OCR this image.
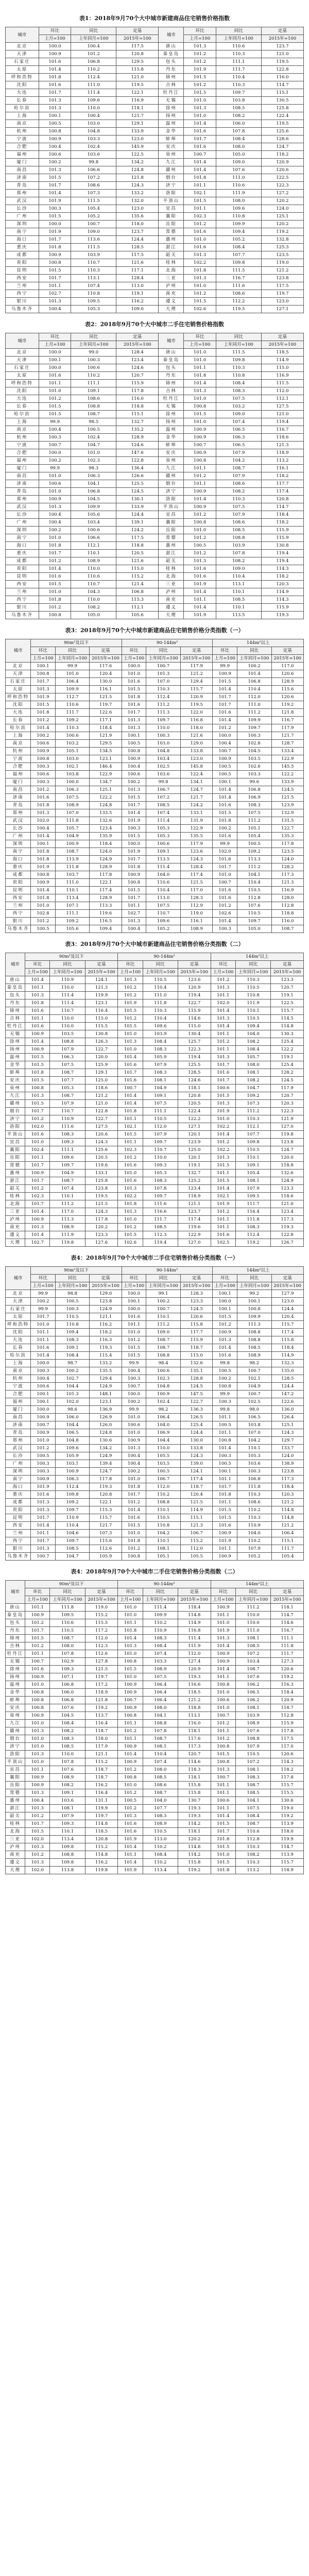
表1：2018年9月70个大中城市新建商品住宅销售价格指数
城市	环比	同比	定基	城市	环比	同比	定基
	上月=100	上年同月=100	2015年=100		上月=100	上年同月=100	2015年=100
北京	100.0	100.4	117.5	唐山	101.3	110.6	123.7
天津	100.9	101.2	120.8	秦皇岛	101.2	110.3	121.0
石家庄	101.6	106.8	129.5	包头	101.2	111.1	119.5
太原	101.4	110.2	115.8	丹东	101.9	111.7	122.8
呼和浩特	101.8	112.4	121.0	锦州	101.5	110.4	116.0
沈阳	101.6	111.0	119.5	吉林	101.2	110.3	114.7
大连	101.7	111.4	122.1	牡丹江	101.5	109.7	115.1
长春	101.3	109.6	116.9	无锡	101.0	103.8	130.5
哈尔滨	101.3	110.0	118.1	徐州	101.3	108.5	125.8
上海	100.1	100.4	121.7	扬州	101.0	108.2	122.4
南京	100.5	103.0	129.1	温州	101.4	106.0	119.5
杭州	100.8	104.8	133.9	金华	101.6	107.8	125.6
宁波	100.9	103.3	123.0	蚌埠	101.7	108.4	128.6
合肥	100.4	102.4	145.9	安庆	101.6	108.0	124.7
福州	100.6	103.6	122.5	泉州	100.7	105.0	118.2
厦门	100.2	99.8	134.2	九江	101.4	109.0	120.9
南昌	101.3	106.6	124.8	赣州	101.4	107.6	120.6
济南	101.5	107.2	121.8	烟台	101.8	111.0	122.5
青岛	101.7	108.6	124.3	济宁	101.1	110.6	122.3
郑州	101.4	107.3	133.2	洛阳	102.1	111.9	127.2
武汉	101.9	111.5	132.0	平顶山	101.5	108.0	120.2
长沙	100.3	105.4	123.0	宜昌	101.1	109.6	124.0
广州	101.5	105.2	135.6	襄阳	102.3	110.8	125.1
深圳	100.0	100.7	118.0	岳阳	101.2	109.9	120.2
南宁	101.9	109.0	123.7	常德	101.6	109.4	119.2
海口	101.7	113.6	124.4	惠州	101.0	105.2	132.8
重庆	101.8	111.5	128.5	湛江	101.6	108.4	125.3
成都	100.9	103.9	117.5	韶关	101.3	107.7	123.5
贵阳	100.8	110.7	121.6	桂林	102.2	109.8	119.0
昆明	101.5	110.3	117.1	北海	101.8	111.5	121.2
西安	101.7	113.1	128.4	三亚	101.3	116.7	123.8
兰州	101.1	107.4	113.0	泸州	101.0	111.6	117.5
西宁	102.7	110.8	119.1	南充	101.2	108.6	119.7
银川	101.3	109.5	116.2	遵义	101.5	112.2	123.0
乌鲁木齐	100.4	105.3	109.0	大理	102.6	119.5	127.1
表2：2018年9月70个大中城市二手住宅销售价格指数
城市	环比	同比	定基	城市	环比	同比	定基
	上月=100	上年同月=100	2015年=100		上月=100	上年同月=100	2015年=100
北京	100.0	99.0	128.4	唐山	101.0	111.5	118.5
天津	100.1	100.3	123.4	秦皇岛	101.0	109.8	114.9
石家庄	100.0	100.6	124.6	包头	101.1	110.3	115.0
太原	101.6	110.2	120.7	丹东	101.8	110.8	116.9
呼和浩特	101.1	111.1	115.9	锦州	101.4	108.4	111.5
沈阳	101.0	109.1	117.8	吉林	101.3	108.3	112.0
大连	101.2	108.6	116.0	牡丹江	101.0	107.5	112.1
长春	101.5	108.8	118.8	无锡	100.8	103.2	127.5
哈尔滨	101.5	108.7	115.1	徐州	101.5	109.0	121.0
上海	99.9	98.5	132.7	扬州	101.0	107.4	119.4
南京	100.4	100.5	135.2	温州	100.9	106.5	116.7
杭州	100.3	102.4	128.9	金华	100.9	106.3	118.6
宁波	100.7	104.7	124.6	蚌埠	100.7	106.5	121.3
合肥	100.0	101.0	147.6	安庆	100.9	107.9	118.9
福州	100.2	102.3	122.8	泉州	100.8	104.2	113.2
厦门	99.9	98.3	136.4	九江	101.1	108.7	116.1
南昌	101.0	106.3	126.6	赣州	101.2	107.9	118.2
济南	100.6	104.1	125.5	烟台	101.1	108.6	117.7
青岛	101.0	106.8	124.5	济宁	100.9	108.2	117.4
郑州	100.9	104.5	130.1	洛阳	101.4	110.3	120.8
武汉	101.3	109.9	133.9	平顶山	100.9	107.5	114.7
长沙	100.4	105.6	124.4	宜昌	101.2	107.9	118.4
广州	100.4	103.4	139.1	襄阳	100.8	108.6	118.2
深圳	100.2	100.6	124.2	岳阳	101.0	108.5	115.9
南宁	101.0	106.6	117.5	常德	101.2	108.8	115.9
海口	101.8	112.1	118.8	惠州	100.5	103.9	130.8
重庆	101.7	110.1	120.5	湛江	101.2	107.8	119.4
成都	101.2	108.9	121.6	韶关	101.3	108.2	119.4
贵阳	101.4	110.0	115.0	桂林	101.6	109.0	114.3
昆明	101.6	110.6	115.2	北海	101.6	110.4	118.2
西安	101.5	110.7	121.4	三亚	101.9	113.1	120.3
兰州	101.0	104.3	106.8	泸州	101.4	110.1	114.9
西宁	101.8	110.0	115.3	南充	101.1	108.5	114.3
银川	101.2	108.2	112.1	遵义	101.4	110.1	115.9
乌鲁木齐	100.8	105.0	105.6	大理	101.9	113.5	119.3
表3：2018年9月70个大中城市新建商品住宅销售价格分类指数（一）
城市	90m²及以下			90-144m²			144m²以上		
	环比	同比	定基	环比	同比	定基	环比	同比	定基
	上月=100	上年同月=100	2015年=100	上月=100	上年同月=100	2015年=100	上月=100	上年同月=100	2015年=100
北京	100.1	99.9	117.6	100.0	100.7	117.9	99.9	100.2	117.0
天津	100.8	101.0	120.4	101.0	101.3	121.2	100.9	101.4	120.6
石家庄	101.7	106.4	130.0	101.6	107.0	129.4	101.5	106.8	128.9
太原	101.3	109.9	116.1	101.5	110.3	115.7	101.4	110.4	115.6
呼和浩特	101.9	112.7	121.5	101.8	112.4	120.9	101.7	112.0	120.6
沈阳	101.5	110.6	119.7	101.6	111.2	119.5	101.7	111.0	119.2
大连	101.8	111.7	122.6	101.7	111.3	122.0	101.6	111.2	121.8
长春	101.2	109.2	117.1	101.3	109.7	116.8	101.4	109.9	116.7
哈尔滨	101.4	110.3	118.4	101.3	110.0	118.0	101.2	109.7	117.9
上海	100.2	100.6	121.9	100.1	100.3	121.6	100.0	100.3	121.7
南京	100.6	103.2	129.5	100.5	103.0	129.0	100.4	102.8	128.7
杭州	100.9	105.1	134.5	100.8	104.8	133.8	100.7	104.5	133.4
宁波	100.8	103.0	123.1	100.9	103.4	123.0	100.9	103.5	122.9
合肥	100.3	102.1	146.4	100.4	102.5	145.8	100.5	102.6	145.5
福州	100.6	103.8	122.9	100.6	103.6	122.4	100.5	103.3	122.2
厦门	100.3	100.0	134.7	100.2	99.8	134.1	100.1	99.6	133.9
南昌	101.2	106.3	125.1	101.3	106.7	124.7	101.4	106.8	124.5
济南	101.6	107.5	122.2	101.5	107.2	121.7	101.4	106.9	121.5
青岛	101.8	108.9	124.8	101.7	108.5	124.2	101.6	108.3	123.9
郑州	101.3	107.0	133.5	101.4	107.4	133.1	101.5	107.5	132.9
武汉	102.0	111.8	132.6	101.9	111.4	131.9	101.8	111.2	131.5
长沙	100.4	105.7	123.4	100.3	105.3	122.9	100.2	105.1	122.7
广州	101.4	104.9	135.9	101.5	105.3	135.5	101.6	105.4	135.3
深圳	100.1	100.9	118.4	100.0	100.6	117.9	99.9	100.5	117.8
南宁	101.8	108.7	124.0	101.9	109.1	123.6	102.0	109.2	123.5
海口	101.8	113.9	124.9	101.7	113.5	124.3	101.6	113.3	124.0
重庆	101.9	111.8	128.9	101.8	111.4	128.4	101.7	111.2	128.2
成都	100.8	103.7	117.8	100.9	104.0	117.4	101.0	104.1	117.3
贵阳	100.9	111.0	122.1	100.8	110.6	121.5	100.7	110.4	121.3
昆明	101.4	110.1	117.4	101.5	110.4	117.0	101.6	110.5	116.9
西安	101.8	113.4	128.9	101.7	113.0	128.3	101.6	112.8	128.0
兰州	101.0	107.1	113.3	101.1	107.5	112.9	101.2	107.6	112.8
西宁	102.8	111.1	119.6	102.7	110.7	119.0	102.6	110.5	118.8
银川	101.2	109.2	116.5	101.3	109.6	116.1	101.4	109.7	116.0
乌鲁木齐	100.5	105.6	109.4	100.4	105.2	108.9	100.3	105.0	108.7
表3：2018年9月70个大中城市新建商品住宅销售价格分类指数（二）
城市	90m²及以下			90-144m²			144m²以上		
	环比	同比	定基	环比	同比	定基	环比	同比	定基
	上月=100	上年同月=100	2015年=100	上月=100	上年同月=100	2015年=100	上月=100	上年同月=100	2015年=100
唐山	101.4	110.9	124.1	101.3	110.5	123.6	101.2	110.3	123.3
秦皇岛	101.1	110.0	121.3	101.2	110.4	120.9	101.3	110.5	120.7
包头	101.3	111.4	119.9	101.2	111.0	119.4	101.1	110.8	119.1
丹东	101.8	111.4	123.1	101.9	111.8	122.7	102.0	111.9	122.5
锦州	101.6	110.7	116.4	101.5	110.3	115.9	101.4	110.1	115.7
吉林	101.1	110.0	115.0	101.2	110.4	114.6	101.3	110.5	114.5
牡丹江	101.6	110.0	115.5	101.5	109.6	115.0	101.4	109.4	114.8
无锡	100.9	103.5	130.8	101.0	103.9	130.4	101.1	104.0	130.3
徐州	101.4	108.8	126.3	101.3	108.4	125.7	101.2	108.2	125.4
扬州	100.9	107.9	122.7	101.0	108.3	122.3	101.1	108.4	122.2
温州	101.5	106.3	120.0	101.4	105.9	119.4	101.3	105.7	119.1
金华	101.5	107.5	125.9	101.6	107.9	125.5	101.7	108.0	125.4
蚌埠	101.8	108.7	129.1	101.7	108.3	128.5	101.6	108.1	128.2
安庆	101.5	107.7	125.0	101.6	108.1	124.6	101.7	108.2	124.5
泉州	100.8	105.3	118.6	100.7	104.9	118.1	100.6	104.7	117.9
九江	101.3	108.7	121.2	101.4	109.1	120.8	101.5	109.2	120.7
赣州	101.5	107.9	121.0	101.4	107.5	120.5	101.3	107.3	120.3
烟台	101.7	110.7	122.8	101.8	111.1	122.4	101.9	111.2	122.3
济宁	101.2	110.9	122.7	101.1	110.5	122.2	101.0	110.3	121.9
洛阳	102.0	111.6	127.5	102.1	112.0	127.1	102.2	112.1	127.0
平顶山	101.6	108.3	120.6	101.5	107.9	120.1	101.4	107.7	119.8
宜昌	101.0	109.3	124.3	101.1	109.7	123.9	101.2	109.8	123.8
襄阳	102.4	111.1	125.6	102.3	110.7	125.0	102.2	110.5	124.7
岳阳	101.1	109.6	120.5	101.2	110.0	120.1	101.3	110.1	120.0
常德	101.7	109.7	119.6	101.6	109.3	119.1	101.5	109.1	118.8
惠州	100.9	104.9	133.1	101.0	105.3	132.7	101.1	105.4	132.6
湛江	101.7	108.7	125.8	101.6	108.3	125.2	101.5	108.1	124.9
韶关	101.2	107.4	123.8	101.3	107.8	123.4	101.4	107.9	123.3
桂林	102.3	110.1	119.5	102.2	109.7	118.9	102.1	109.5	118.6
北海	101.7	111.2	121.5	101.8	111.6	121.1	101.9	111.7	121.0
三亚	101.4	117.0	124.3	101.3	116.6	123.7	101.2	116.4	123.4
泸州	100.9	111.3	117.8	101.0	111.7	117.4	101.1	111.8	117.3
南充	101.3	108.9	120.2	101.2	108.5	119.6	101.1	108.3	119.3
遵义	101.4	111.9	123.3	101.5	112.3	122.9	101.6	112.4	122.8
大理	102.7	119.8	127.6	102.6	119.4	127.0	102.5	119.2	126.7
表4：2018年9月70个大中城市二手住宅销售价格分类指数（一）
城市	90m²及以下			90-144m²			144m²以上		
	环比	同比	定基	环比	同比	定基	环比	同比	定基
	上月=100	上年同月=100	2015年=100	上月=100	上年同月=100	2015年=100	上月=100	上年同月=100	2015年=100
北京	99.9	98.8	129.0	100.0	99.1	128.3	100.1	99.2	127.9
天津	100.2	100.5	123.8	100.1	100.2	123.3	100.0	100.1	123.0
石家庄	99.9	100.3	124.9	100.0	100.7	124.5	100.1	100.8	124.4
太原	101.7	110.5	121.1	101.6	110.1	120.6	101.5	109.9	120.4
呼和浩特	101.0	110.8	116.2	101.1	111.2	115.8	101.2	111.3	115.7
沈阳	101.1	109.4	118.2	101.0	109.0	117.7	100.9	108.8	117.4
大连	101.1	108.3	116.3	101.2	108.7	115.9	101.3	108.8	115.8
长春	101.6	109.1	119.3	101.5	108.7	118.7	101.4	108.5	118.4
哈尔滨	101.4	108.4	115.4	101.5	108.8	115.0	101.6	108.9	114.9
上海	100.0	98.7	133.2	99.9	98.4	132.6	99.8	98.2	132.3
南京	100.3	100.2	135.5	100.4	100.6	135.1	100.5	100.7	135.0
杭州	100.4	102.7	129.4	100.3	102.3	128.8	100.2	102.1	128.5
宁波	100.6	104.4	124.9	100.7	104.8	124.5	100.8	104.9	124.4
合肥	100.1	101.3	148.1	100.0	100.9	147.5	99.9	100.7	147.2
福州	100.1	102.0	123.1	100.2	102.4	122.7	100.3	102.5	122.6
厦门	100.0	98.6	136.9	99.9	98.2	136.3	99.8	98.0	136.0
南昌	100.9	106.0	126.9	101.0	106.4	126.5	101.1	106.5	126.4
济南	100.7	104.4	126.0	100.6	104.0	125.4	100.5	103.8	125.1
青岛	100.9	106.5	124.8	101.0	106.9	124.4	101.1	107.0	124.3
郑州	101.0	104.8	130.6	100.9	104.4	130.0	100.8	104.2	129.7
武汉	101.2	109.6	134.2	101.3	110.0	133.8	101.4	110.1	133.7
长沙	100.5	105.9	124.9	100.4	105.5	124.3	100.3	105.3	124.0
广州	100.3	103.1	139.4	100.4	103.5	139.0	100.5	103.6	138.9
深圳	100.3	100.9	124.7	100.2	100.5	124.1	100.1	100.3	123.8
南宁	100.9	106.3	117.8	101.0	106.7	117.4	101.1	106.8	117.3
海口	101.9	112.4	119.3	101.8	112.0	118.7	101.7	111.8	118.4
重庆	101.6	109.8	120.8	101.7	110.2	120.4	101.8	110.3	120.3
成都	101.3	109.2	122.1	101.2	108.8	121.5	101.1	108.6	121.2
贵阳	101.3	109.7	115.3	101.4	110.1	114.9	101.5	110.2	114.8
昆明	101.7	110.9	115.7	101.6	110.5	115.1	101.5	110.3	114.8
西安	101.4	110.4	121.7	101.5	110.8	121.3	101.6	110.9	121.2
兰州	101.1	104.6	107.3	101.0	104.2	106.7	100.9	104.0	106.4
西宁	101.7	109.7	115.6	101.8	110.1	115.2	101.9	110.2	115.1
银川	101.3	108.5	112.6	101.2	108.1	112.0	101.1	107.9	111.7
乌鲁木齐	100.7	104.7	105.9	100.8	105.1	105.5	100.9	105.2	105.4
表4：2018年9月70个大中城市二手住宅销售价格分类指数（二）
城市	90m²及以下			90-144m²			144m²以上		
	环比	同比	定基	环比	同比	定基	环比	同比	定基
	上月=100	上年同月=100	2015年=100	上月=100	上年同月=100	2015年=100	上月=100	上年同月=100	2015年=100
唐山	101.1	111.8	119.0	101.0	111.4	118.4	100.9	111.2	118.1
秦皇岛	100.9	109.5	115.2	101.0	109.9	114.8	101.1	110.0	114.7
包头	101.2	110.6	115.5	101.1	110.2	114.9	101.0	110.0	114.6
丹东	101.7	110.5	117.2	101.8	110.9	116.8	101.9	111.0	116.7
锦州	101.5	108.7	112.0	101.4	108.3	111.4	101.3	108.1	111.1
吉林	101.2	108.0	112.3	101.3	108.4	111.9	101.4	108.5	111.8
牡丹江	101.1	107.8	112.6	101.0	107.4	112.0	100.9	107.2	111.7
无锡	100.7	102.9	127.8	100.8	103.3	127.4	100.9	103.4	127.3
徐州	101.6	109.3	121.5	101.5	108.9	120.9	101.4	108.7	120.6
扬州	100.9	107.1	119.7	101.0	107.5	119.3	101.1	107.6	119.2
温州	101.0	106.8	117.2	100.9	106.4	116.6	100.8	106.2	116.3
金华	100.8	106.0	118.9	100.9	106.4	118.5	101.0	106.5	118.4
蚌埠	100.8	106.8	121.8	100.7	106.4	121.2	100.6	106.2	120.9
安庆	100.8	107.6	119.2	100.9	108.0	118.8	101.0	108.1	118.7
泉州	100.9	104.5	113.7	100.8	104.1	113.1	100.7	103.9	112.8
九江	101.0	108.4	116.4	101.1	108.8	116.0	101.2	108.9	115.9
赣州	101.3	108.2	118.7	101.2	107.8	118.1	101.1	107.6	117.8
烟台	101.0	108.3	118.0	101.1	108.7	117.6	101.2	108.8	117.5
济宁	101.0	108.5	117.9	100.9	108.1	117.3	100.8	107.9	117.0
洛阳	101.3	110.0	121.1	101.4	110.4	120.7	101.5	110.5	120.6
平顶山	101.0	107.8	115.2	100.9	107.4	114.6	100.8	107.2	114.3
宜昌	101.1	107.6	118.7	101.2	108.0	118.3	101.3	108.1	118.2
襄阳	100.9	108.9	118.7	100.8	108.5	118.1	100.7	108.3	117.8
岳阳	100.9	108.2	116.2	101.0	108.6	115.8	101.1	108.7	115.7
常德	101.3	109.1	116.4	101.2	108.7	115.8	101.1	108.5	115.5
惠州	100.4	103.6	131.1	100.5	104.0	130.7	100.6	104.1	130.6
湛江	101.3	108.1	119.9	101.2	107.7	119.3	101.1	107.5	119.0
韶关	101.2	107.9	119.7	101.3	108.3	119.3	101.4	108.4	119.2
桂林	101.7	109.3	114.8	101.6	108.9	114.2	101.5	108.7	113.9
北海	101.5	110.1	118.5	101.6	110.5	118.1	101.7	110.6	118.0
三亚	102.0	113.4	120.8	101.9	113.0	120.2	101.8	112.8	119.9
泸州	101.3	109.8	115.2	101.4	110.2	114.8	101.5	110.3	114.7
南充	101.2	108.8	114.8	101.1	108.4	114.2	101.0	108.2	113.9
遵义	101.3	109.8	116.2	101.4	110.2	115.8	101.5	110.3	115.7
大理	102.0	113.8	119.8	101.9	113.4	119.2	101.8	113.2	118.9
